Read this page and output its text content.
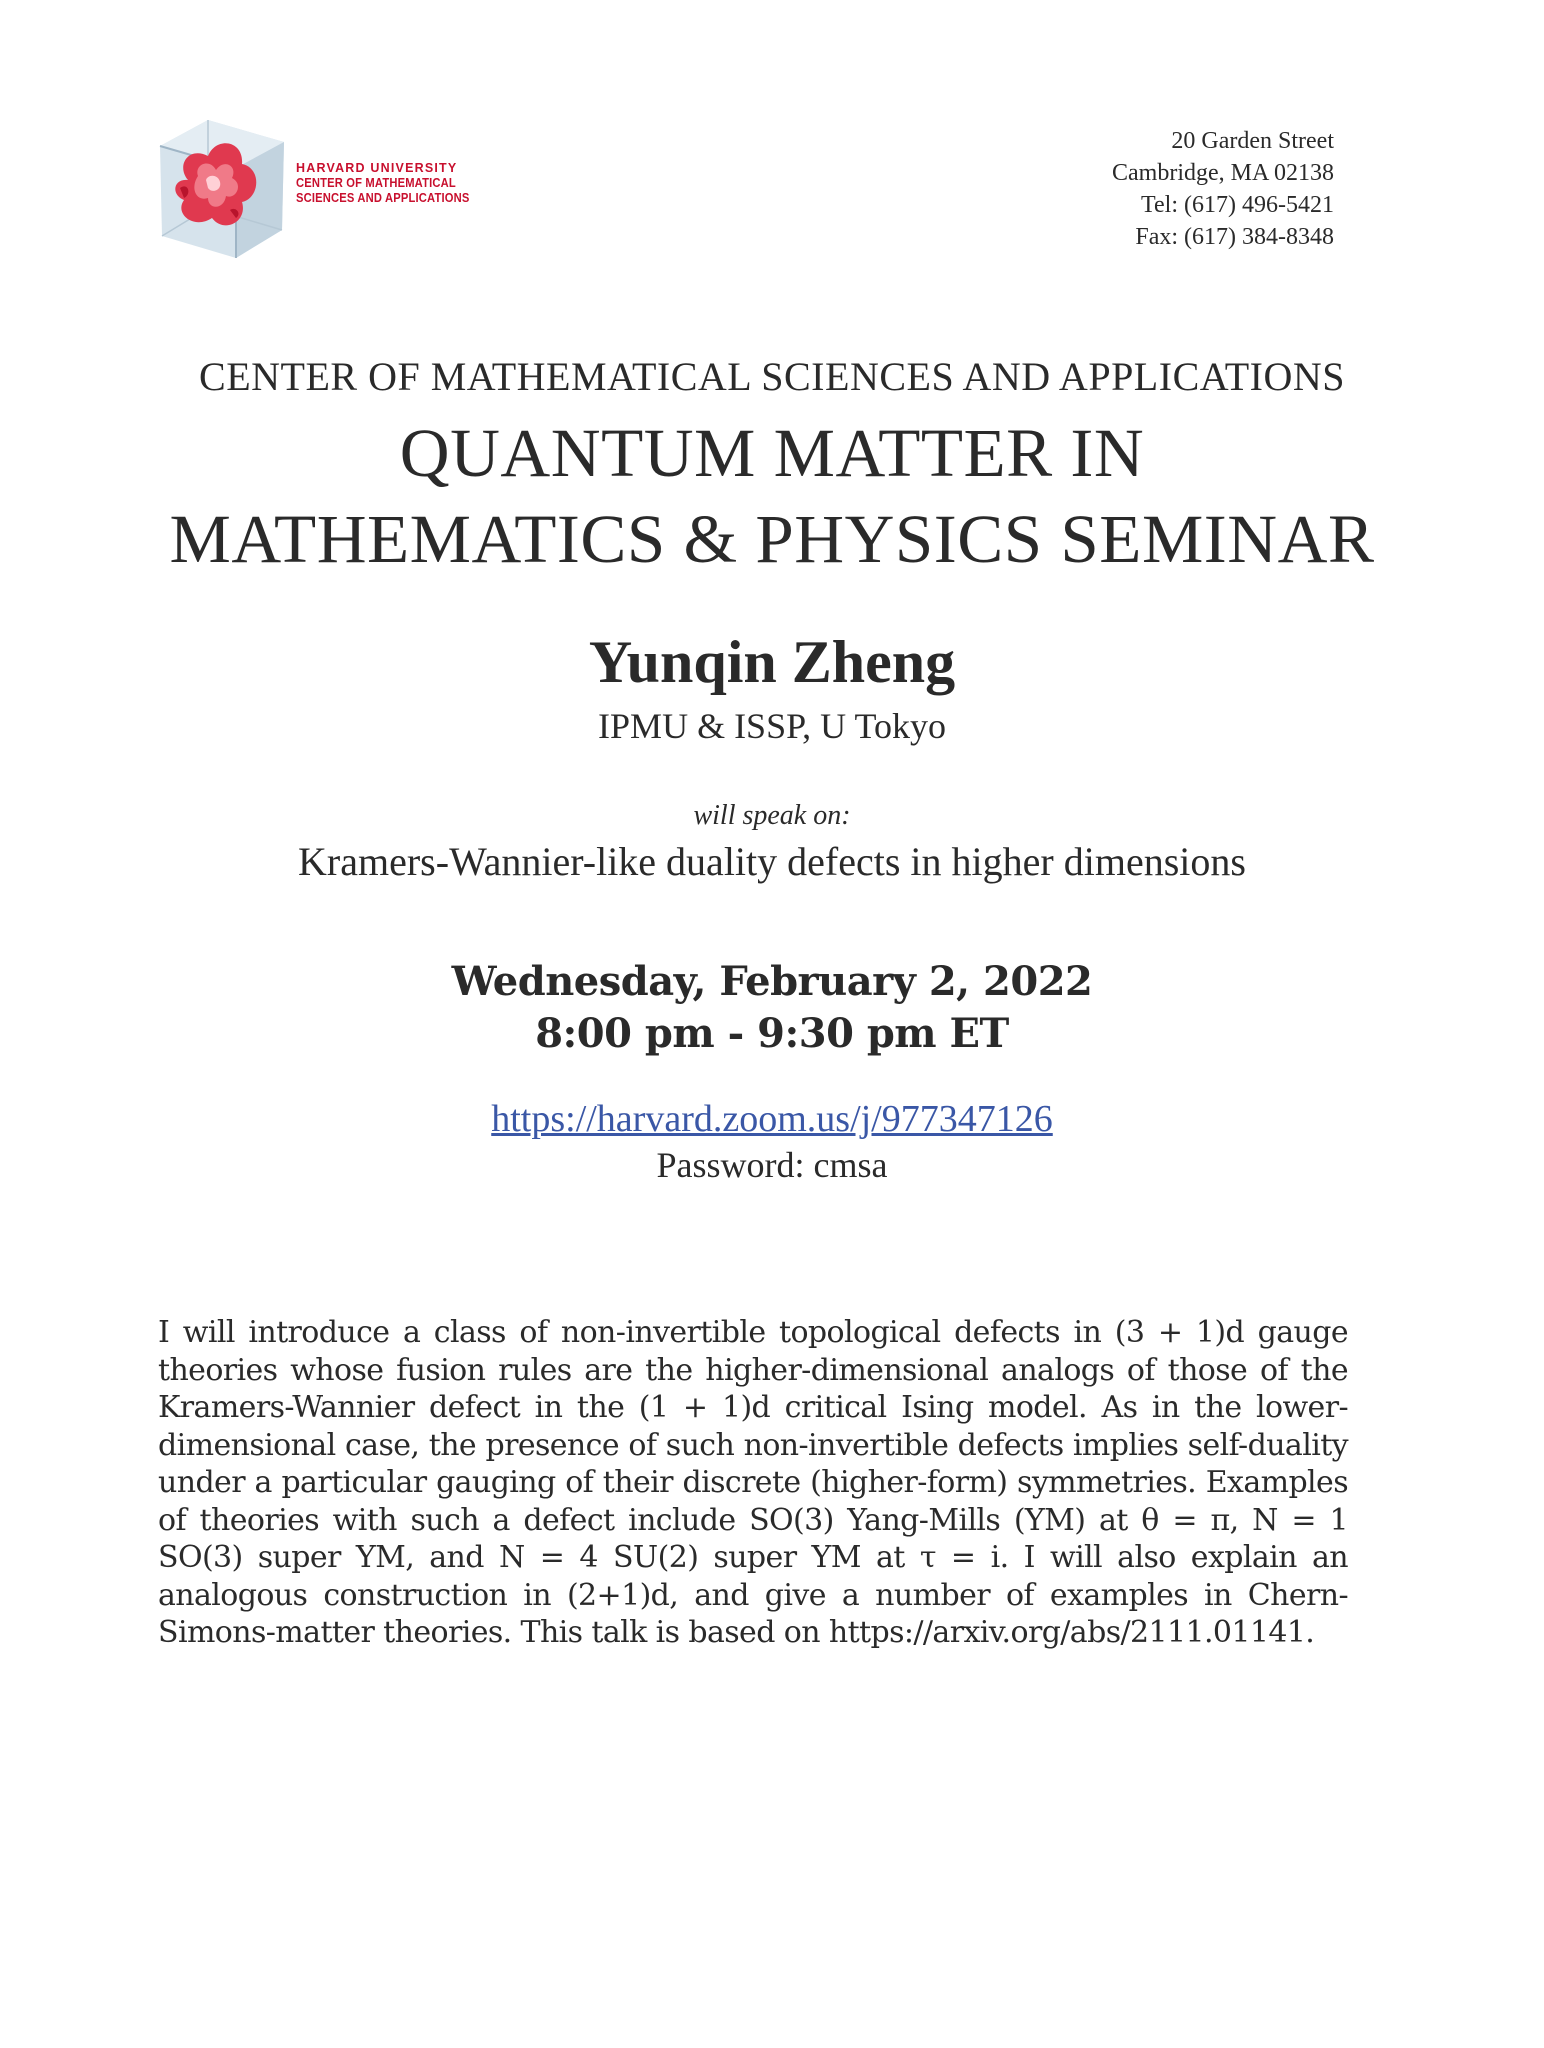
HARVARD UNIVERSITY
CENTER OF MATHEMATICAL
SCIENCES AND APPLICATIONS
20 Garden Street
Cambridge, MA 02138
Tel: (617) 496-5421
Fax: (617) 384-8348
CENTER OF MATHEMATICAL SCIENCES AND APPLICATIONS
QUANTUM MATTER IN
MATHEMATICS & PHYSICS SEMINAR
Yunqin Zheng
IPMU & ISSP, U Tokyo
will speak on:
Kramers-Wannier-like duality defects in higher dimensions
Wednesday, February 2, 2022
8:00 pm - 9:30 pm ET
https://harvard.zoom.us/j/977347126
Password: cmsa
I will introduce a class of non-invertible topological defects in (3 + 1)d gauge theories whose fusion rules are the higher-dimensional analogs of those of the Kramers-Wannier defect in the (1 + 1)d critical Ising model. As in the lower-dimensional case, the presence of such non-invertible defects implies self-duality under a particular gauging of their discrete (higher-form) symmetries. Examples of theories with such a defect include SO(3) Yang-Mills (YM) at θ = π, N = 1 SO(3) super YM, and N = 4 SU(2) super YM at τ = i. I will also explain an analogous construction in (2+1)d, and give a number of examples in Chern-Simons-matter theories. This talk is based on https://arxiv.org/abs/2111.01141.
